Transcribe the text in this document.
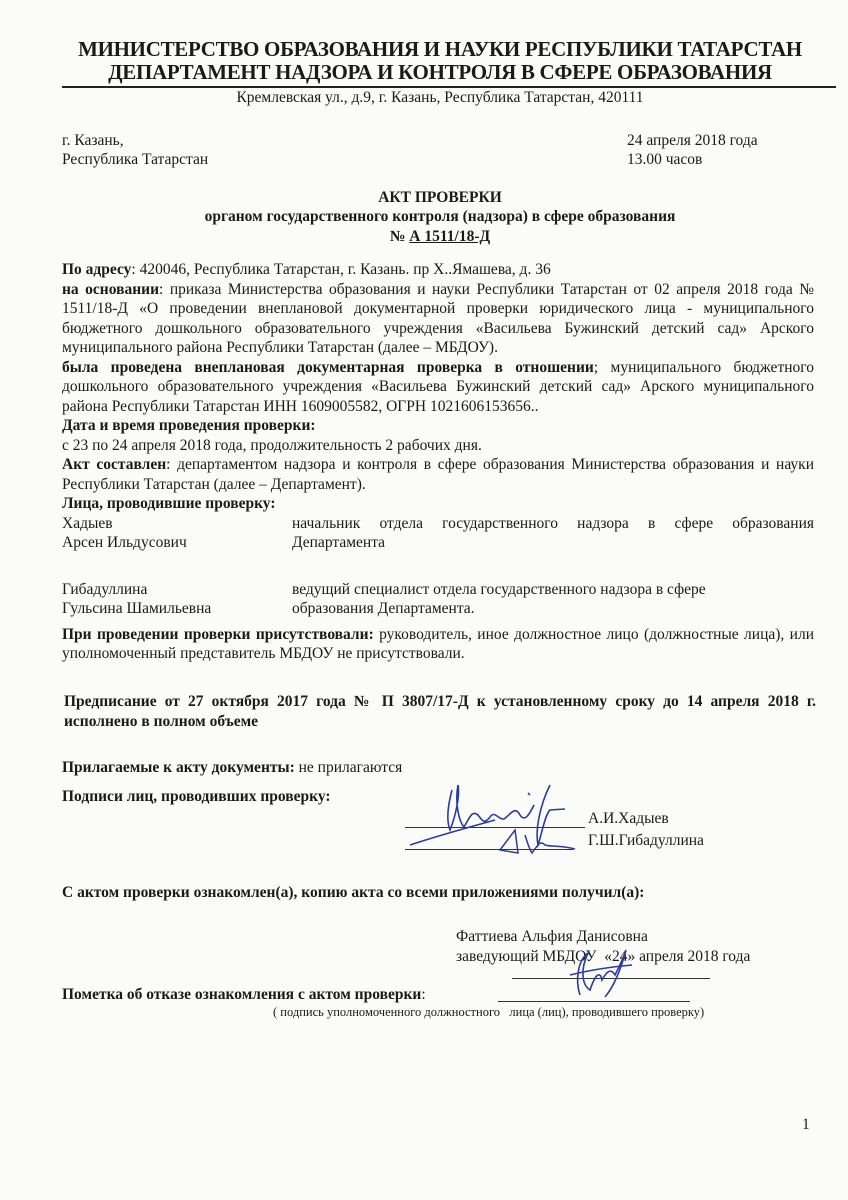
МИНИСТЕРСТВО ОБРАЗОВАНИЯ И НАУКИ РЕСПУБЛИКИ ТАТАРСТАН
ДЕПАРТАМЕНТ НАДЗОРА И КОНТРОЛЯ В СФЕРЕ ОБРАЗОВАНИЯ
Кремлевская ул., д.9, г. Казань, Республика Татарстан, 420111
г. Казань,
Республика Татарстан
24 апреля 2018 года
13.00 часов
АКТ ПРОВЕРКИ
органом государственного контроля (надзора) в сфере образования
№ А 1511/18-Д

По адресу: 420046, Республика Татарстан, г. Казань. пр Х..Ямашева, д. 36

на основании: приказа Министерства образования и науки Республики Татарстан от 02 апреля 2018 года № 1511/18-Д «О проведении внеплановой документарной проверки юридического лица - муниципального бюджетного дошкольного образовательного учреждения «Васильева Бужинский детский сад» Арского муниципального района Республики Татарстан (далее – МБДОУ).

была проведена внеплановая документарная проверка в отношении; муниципального бюджетного дошкольного образовательного учреждения «Васильева Бужинский детский сад» Арского муниципального района Республики Татарстан ИНН 1609005582, ОГРН 1021606153656..

Дата и время проведения проверки:

с 23 по 24 апреля 2018 года, продолжительность 2 рабочих дня.

Акт составлен: департаментом надзора и контроля в сфере образования Министерства образования и науки Республики Татарстан (далее – Департамент).

Лица, проводившие проверку:

Хадыев	начальник отдела государственного надзора в сфере образования
Арсен Ильдусович	Департамента
Гибадуллина	ведущий специалист отдела государственного надзора в сфере
Гульсина Шамильевна	образования Департамента.

При проведении проверки присутствовали: руководитель, иное должностное лицо (должностные лица), или уполномоченный представитель МБДОУ не присутствовали.

Предписание от 27 октября 2017 года № П 3807/17-Д к установленному сроку до 14 апреля 2018 г. исполнено в полном объеме
Прилагаемые к акту документы: не прилагаются
Подписи лиц, проводивших проверку:
А.И.Хадыев
Г.Ш.Гибадуллина
С актом проверки ознакомлен(а), копию акта со всеми приложениями получил(а):
Фаттиева Альфия Данисовна
заведующий МБДОУ  «24» апреля 2018 года
Пометка об отказе ознакомления с актом проверки:
( подпись уполномоченного должностного   лица (лиц), проводившего проверку)
1
